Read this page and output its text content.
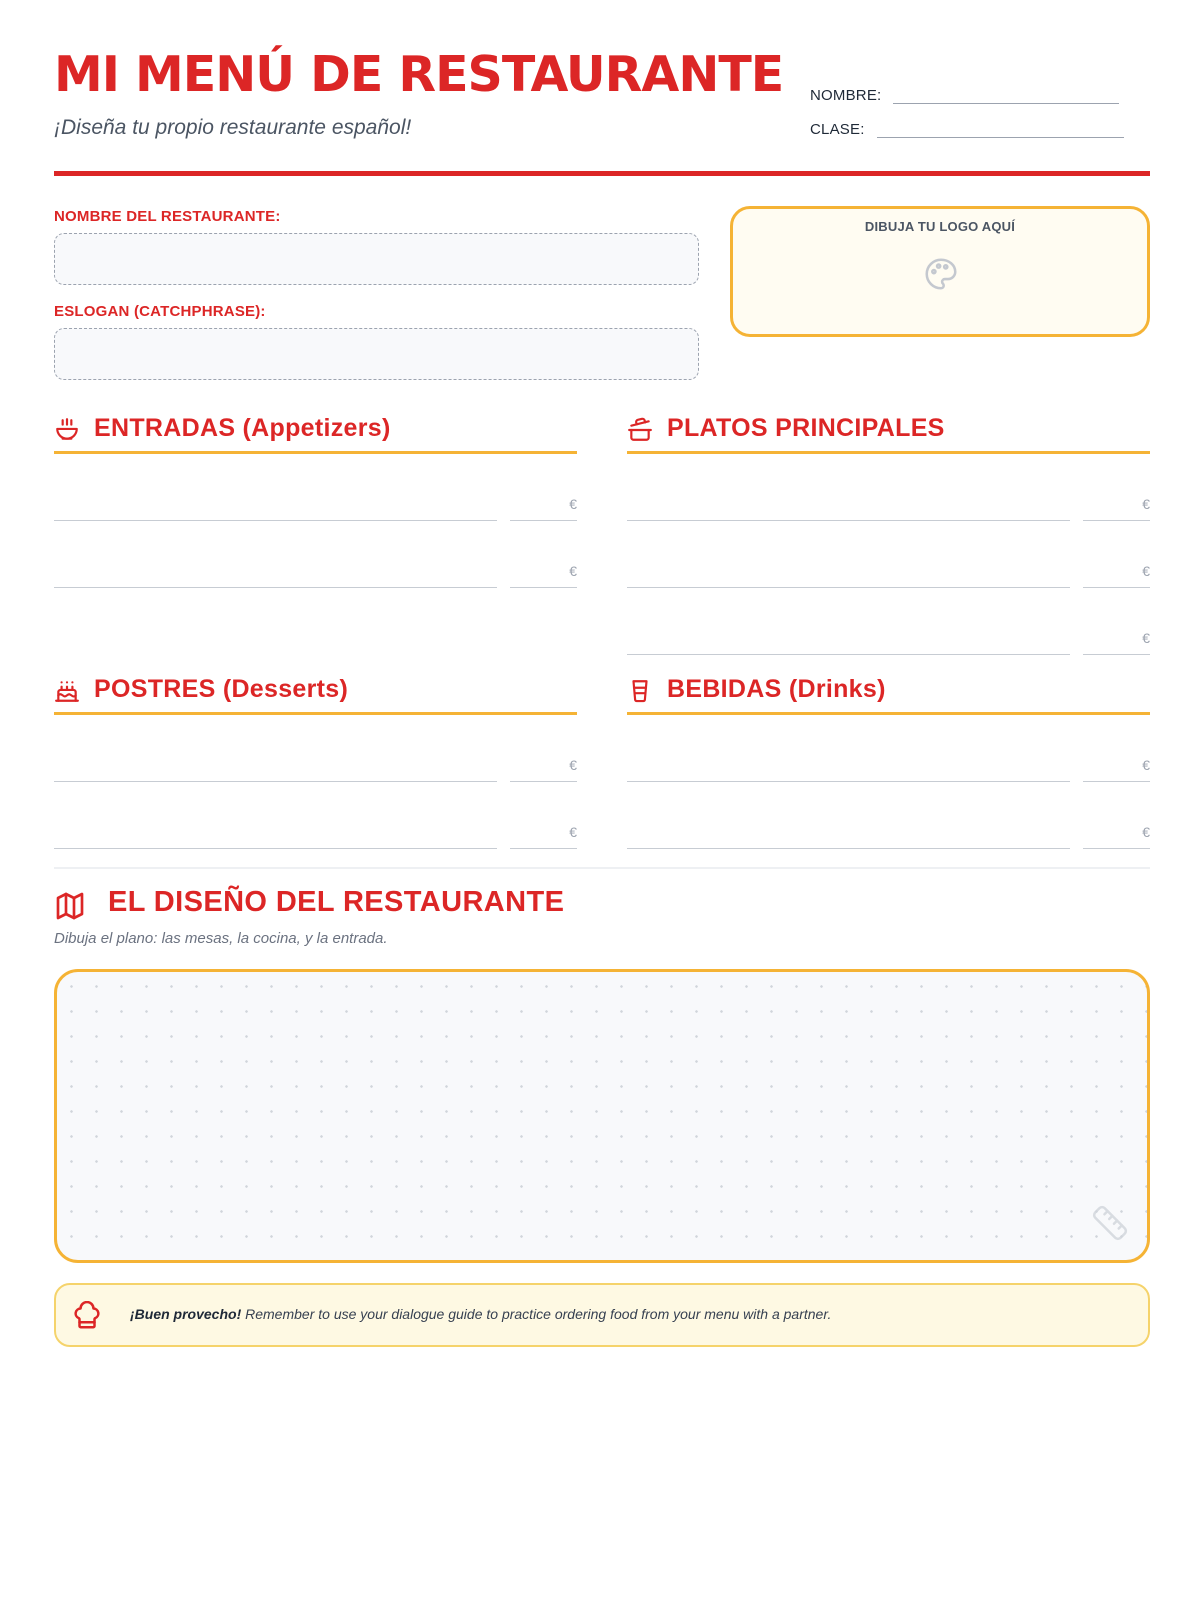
MI MENÚ DE RESTAURANTE
¡Diseña tu propio restaurante español!
NOMBRE:
CLASE:
NOMBRE DEL RESTAURANTE:
ESLOGAN (CATCHPHRASE):
DIBUJA TU LOGO AQUÍ
ENTRADAS (Appetizers)
€
€
PLATOS PRINCIPALES
€
€
€
POSTRES (Desserts)
€
€
BEBIDAS (Drinks)
€
€
EL DISEÑO DEL RESTAURANTE
Dibuja el plano: las mesas, la cocina, y la entrada.
¡Buen provecho! Remember to use your dialogue guide to practice ordering food from your menu with a partner.
